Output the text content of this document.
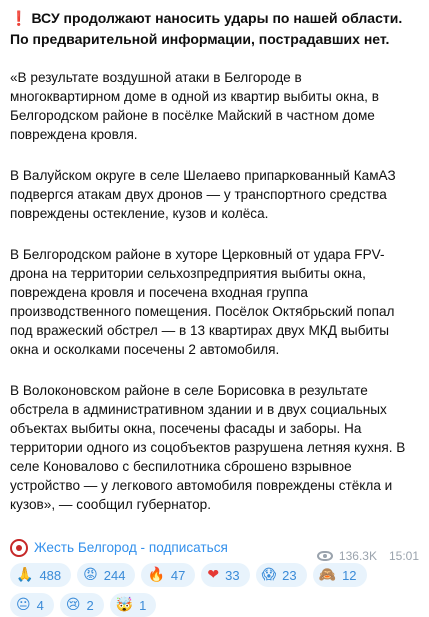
❗ ВСУ продолжают наносить удары по нашей области. По предварительной информации, пострадавших нет.

«В результате воздушной атаки в Белгороде в многоквартирном доме в одной из квартир выбиты окна, в Белгородском районе в посёлке Майский в частном доме повреждена кровля.

В Валуйском округе в селе Шелаево припаркованный КамАЗ подвергся атакам двух дронов — у транспортного средства повреждены остекление, кузов и колёса.

В Белгородском районе в хуторе Церковный от удара FPV-дрона на территории сельхозпредприятия выбиты окна, повреждена кровля и посечена входная группа производственного помещения. Посёлок Октябрьский попал под вражеский обстрел — в 13 квартирах двух МКД выбиты окна и осколками посечены 2 автомобиля.

В Волоконовском районе в селе Борисовка в результате обстрела в административном здании и в двух социальных объектах выбиты окна, посечены фасады и заборы. На территории одного из соцобъектов разрушена летняя кухня. В селе Коновалово с беспилотника сброшено взрывное устройство — у легкового автомобиля повреждены стёкла и кузов», — сообщил губернатор.

Жесть Белгород - подписаться
🙏 488 😡 244 🔥 47 ❤ 33 😱 23 🙈 12
😐 4 😢 2 🤯 1
136.3K 15:01
